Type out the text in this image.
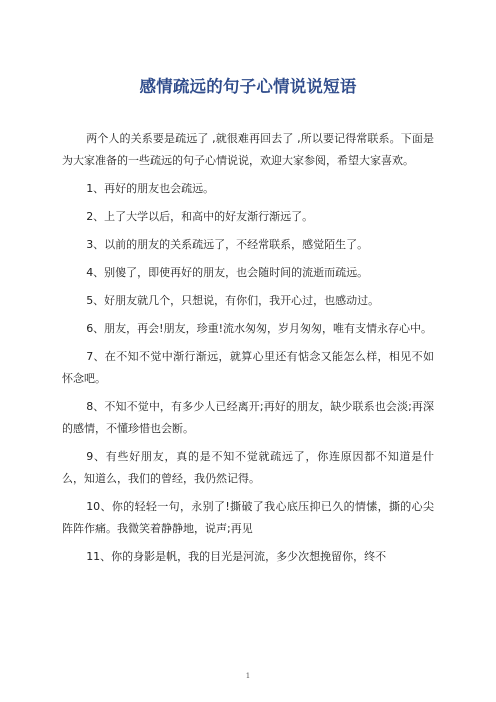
感情疏远的句子心情说说短语

两个人的关系要是疏远了 ,就很难再回去了 ,所以要记得常联系。下面是 为大家准备的一些疏远的句子心情说说，欢迎大家参阅，希望大家喜欢。

1、再好的朋友也会疏远。

2、上了大学以后，和高中的好友渐行渐远了。

3、以前的朋友的关系疏远了，不经常联系，感觉陌生了。

4、别傻了，即使再好的朋友，也会随时间的流逝而疏远。

5、好朋友就几个，只想说，有你们，我开心过，也感动过。

6、朋友，再会!朋友，珍重!流水匆匆，岁月匆匆，唯有支情永存心中。

7、在不知不觉中渐行渐远，就算心里还有惦念又能怎么样，相见不如怀念吧。

8、不知不觉中，有多少人已经离开;再好的朋友，缺少联系也会淡;再深的感情，不懂珍惜也会断。

9、有些好朋友，真的是不知不觉就疏远了，你连原因都不知道是什么，知道么，我们的曾经，我仍然记得。

10、你的轻轻一句，永别了!撕破了我心底压抑已久的情愫，撕的心尖阵阵作痛。我微笑着静静地，说声;再见

11、你的身影是帆，我的目光是河流，多少次想挽留你，终不

1
